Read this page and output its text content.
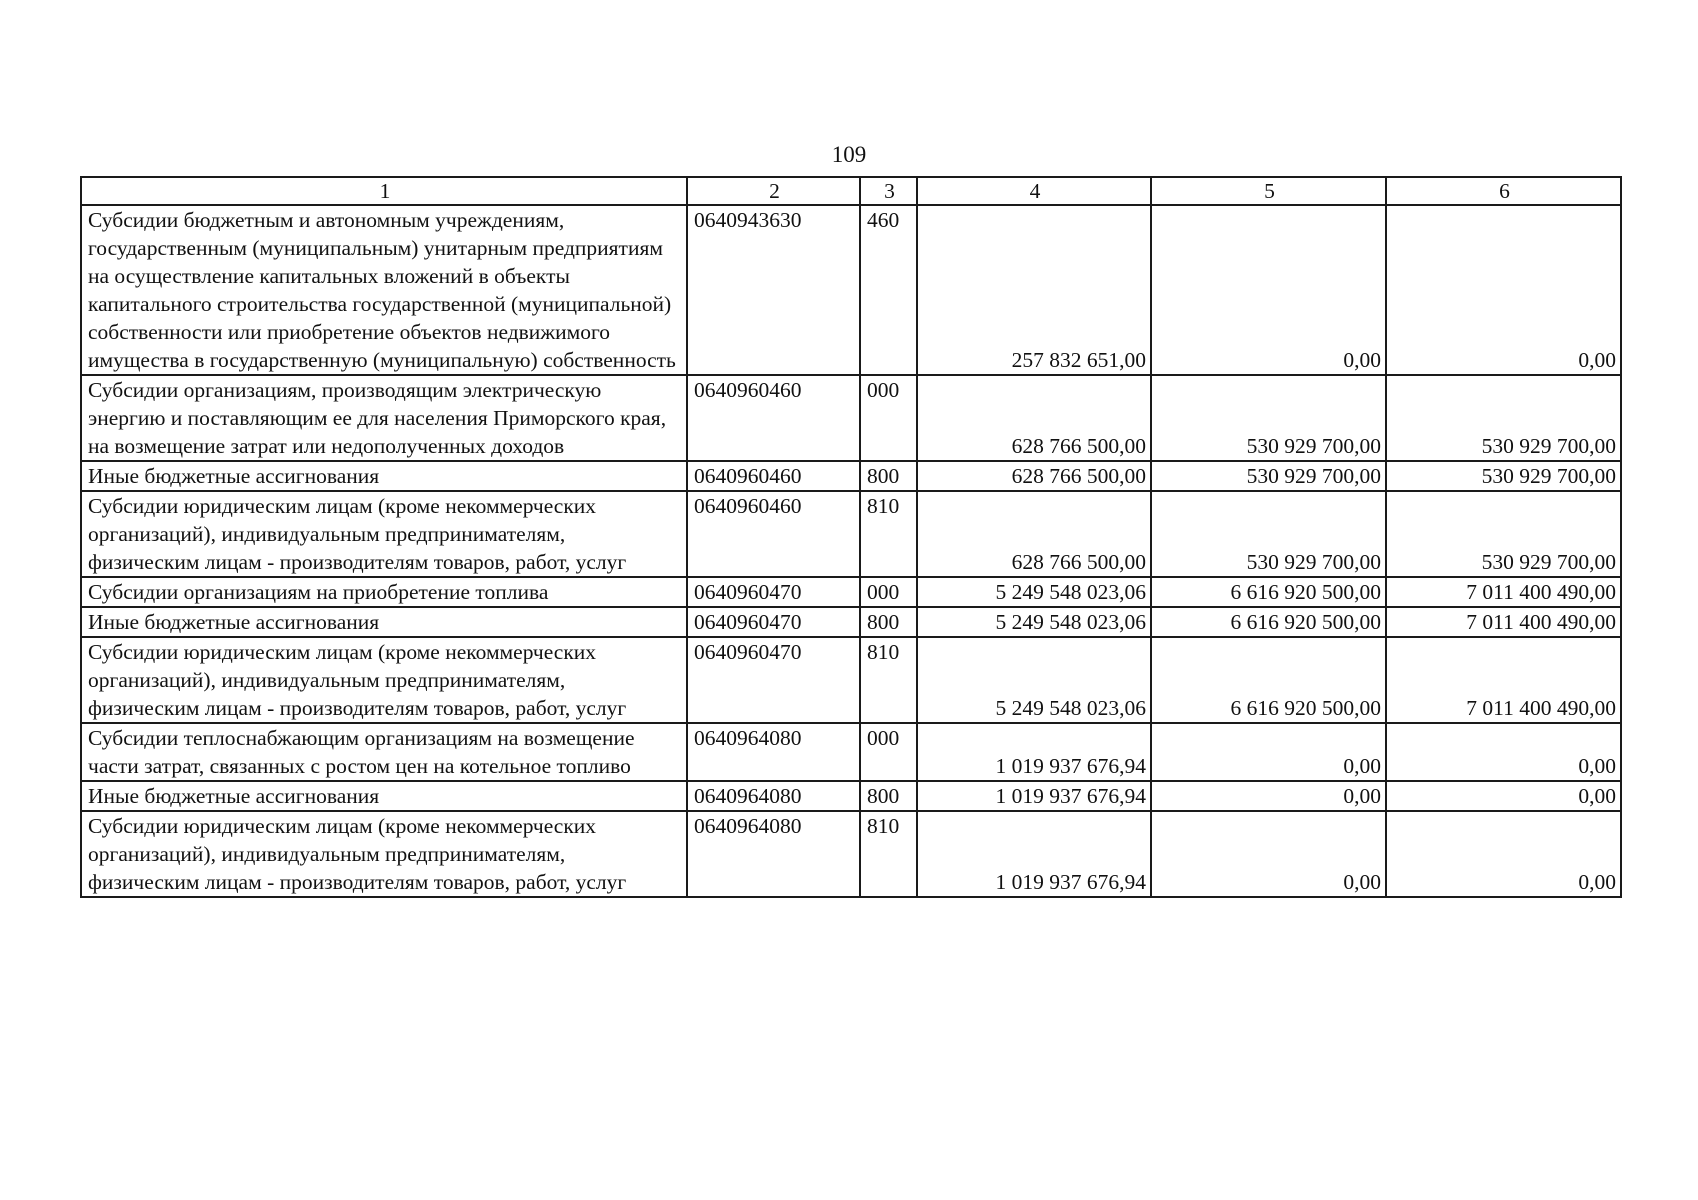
109
1	2	3	4	5	6
Субсидии бюджетным и автономным учреждениям, государственным (муниципальным) унитарным предприятиям на осуществление капитальных вложений в объекты капитального строительства государственной (муниципальной) собственности или приобретение объектов недвижимого имущества в государственную (муниципальную) собственность	0640943630	460	257 832 651,00	0,00	0,00
Субсидии организациям, производящим электрическую энергию и поставляющим ее для населения Приморского края, на возмещение затрат или недополученных доходов	0640960460	000	628 766 500,00	530 929 700,00	530 929 700,00
Иные бюджетные ассигнования	0640960460	800	628 766 500,00	530 929 700,00	530 929 700,00
Субсидии юридическим лицам (кроме некоммерческих организаций), индивидуальным предпринимателям, физическим лицам - производителям товаров, работ, услуг	0640960460	810	628 766 500,00	530 929 700,00	530 929 700,00
Субсидии организациям на приобретение топлива	0640960470	000	5 249 548 023,06	6 616 920 500,00	7 011 400 490,00
Иные бюджетные ассигнования	0640960470	800	5 249 548 023,06	6 616 920 500,00	7 011 400 490,00
Субсидии юридическим лицам (кроме некоммерческих организаций), индивидуальным предпринимателям, физическим лицам - производителям товаров, работ, услуг	0640960470	810	5 249 548 023,06	6 616 920 500,00	7 011 400 490,00
Субсидии теплоснабжающим организациям на возмещение части затрат, связанных с ростом цен на котельное топливо	0640964080	000	1 019 937 676,94	0,00	0,00
Иные бюджетные ассигнования	0640964080	800	1 019 937 676,94	0,00	0,00
Субсидии юридическим лицам (кроме некоммерческих организаций), индивидуальным предпринимателям, физическим лицам - производителям товаров, работ, услуг	0640964080	810	1 019 937 676,94	0,00	0,00
